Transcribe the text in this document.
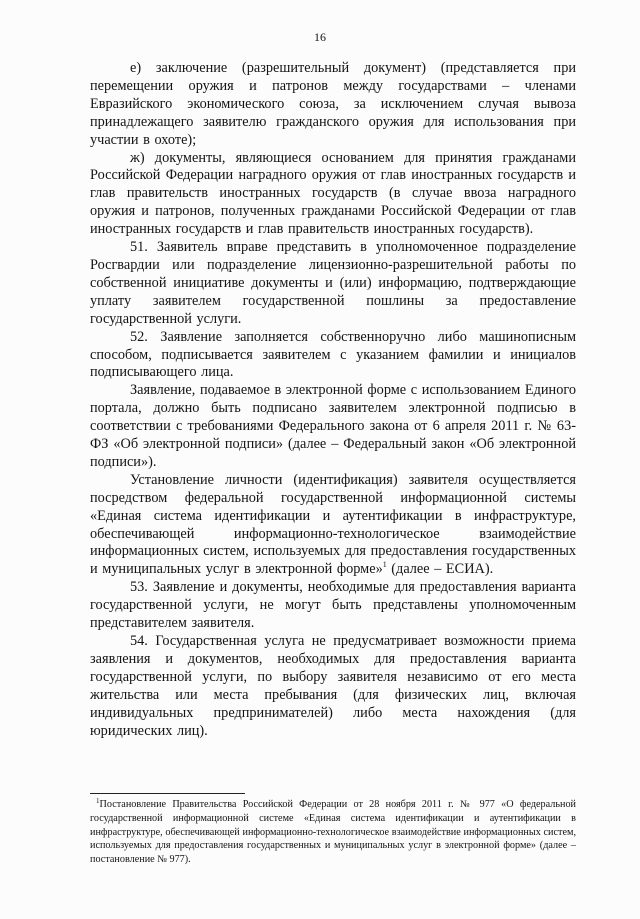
16

е) заключение (разрешительный документ) (представляется при перемещении оружия и патронов между государствами – членами Евразийского экономического союза, за исключением случая вывоза принадлежащего заявителю гражданского оружия для использования при участии в охоте);

ж) документы, являющиеся основанием для принятия гражданами Российской Федерации наградного оружия от глав иностранных государств и глав правительств иностранных государств (в случае ввоза наградного оружия и патронов, полученных гражданами Российской Федерации от глав иностранных государств и глав правительств иностранных государств).

51. Заявитель вправе представить в уполномоченное подразделение Росгвардии или подразделение лицензионно-разрешительной работы по собственной инициативе документы и (или) информацию, подтверждающие уплату заявителем государственной пошлины за предоставление государственной услуги.

52. Заявление заполняется собственноручно либо машинописным способом, подписывается заявителем с указанием фамилии и инициалов подписывающего лица.

Заявление, подаваемое в электронной форме с использованием Единого портала, должно быть подписано заявителем электронной подписью в соответствии с требованиями Федерального закона от 6 апреля 2011 г. № 63-ФЗ «Об электронной подписи» (далее – Федеральный закон «Об электронной подписи»).

Установление личности (идентификация) заявителя осуществляется посредством федеральной государственной информационной системы «Единая система идентификации и аутентификации в инфраструктуре, обеспечивающей информационно-технологическое взаимодействие информационных систем, используемых для предоставления государственных и муниципальных услуг в электронной форме»$^1$ (далее – ЕСИА).

53. Заявление и документы, необходимые для предоставления варианта государственной услуги, не могут быть представлены уполномоченным представителем заявителя.

54. Государственная услуга не предусматривает возможности приема заявления и документов, необходимых для предоставления варианта государственной услуги, по выбору заявителя независимо от его места жительства или места пребывания (для физических лиц, включая индивидуальных предпринимателей) либо места нахождения (для юридических лиц).

$^1$Постановление Правительства Российской Федерации от 28 ноября 2011 г. № 977 «О федеральной государственной информационной системе «Единая система идентификации и аутентификации в инфраструктуре, обеспечивающей информационно-технологическое взаимодействие информационных систем, используемых для предоставления государственных и муниципальных услуг в электронной форме» (далее – постановление № 977).
